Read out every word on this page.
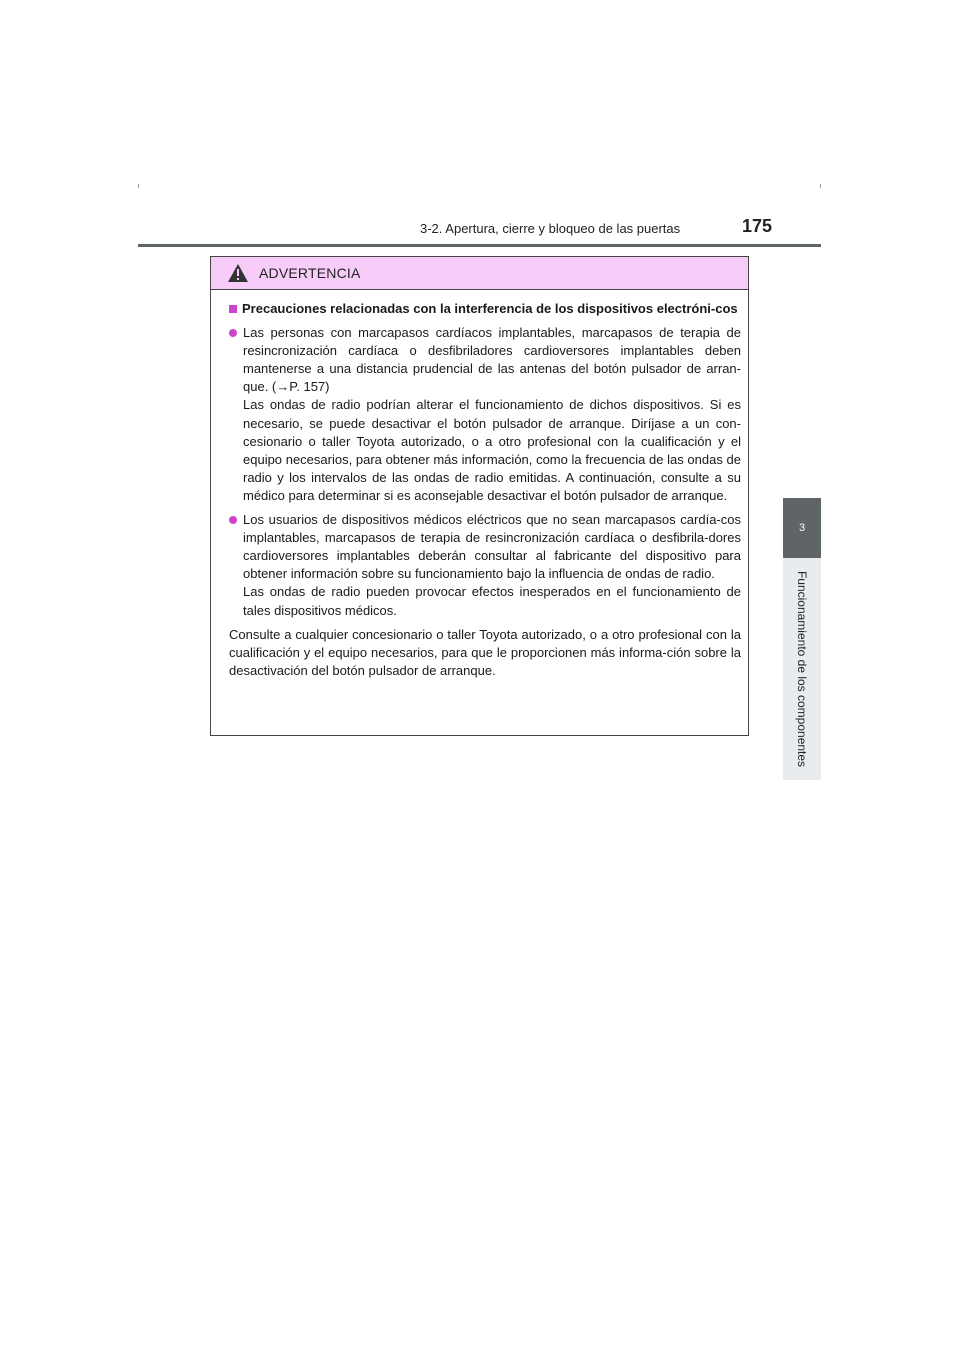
3-2. Apertura, cierre y bloqueo de las puertas	175
3
Funcionamiento de los componentes
ADVERTENCIA
Precauciones relacionadas con la interferencia de los dispositivos electróni-cos

Las personas con marcapasos cardíacos implantables, marcapasos de terapia de resincronización cardíaca o desfibriladores cardioversores implantables deben mantenerse a una distancia prudencial de las antenas del botón pulsador de arran-que. (→P. 157)

Las ondas de radio podrían alterar el funcionamiento de dichos dispositivos. Si es necesario, se puede desactivar el botón pulsador de arranque. Diríjase a un con-cesionario o taller Toyota autorizado, o a otro profesional con la cualificación y el equipo necesarios, para obtener más información, como la frecuencia de las ondas de radio y los intervalos de las ondas de radio emitidas. A continuación, consulte a su médico para determinar si es aconsejable desactivar el botón pulsador de arranque.

Los usuarios de dispositivos médicos eléctricos que no sean marcapasos cardía-cos implantables, marcapasos de terapia de resincronización cardíaca o desfibrila-dores cardioversores implantables deberán consultar al fabricante del dispositivo para obtener información sobre su funcionamiento bajo la influencia de ondas de radio.

Las ondas de radio pueden provocar efectos inesperados en el funcionamiento de tales dispositivos médicos.

Consulte a cualquier concesionario o taller Toyota autorizado, o a otro profesional con la cualificación y el equipo necesarios, para que le proporcionen más informa-ción sobre la desactivación del botón pulsador de arranque.
